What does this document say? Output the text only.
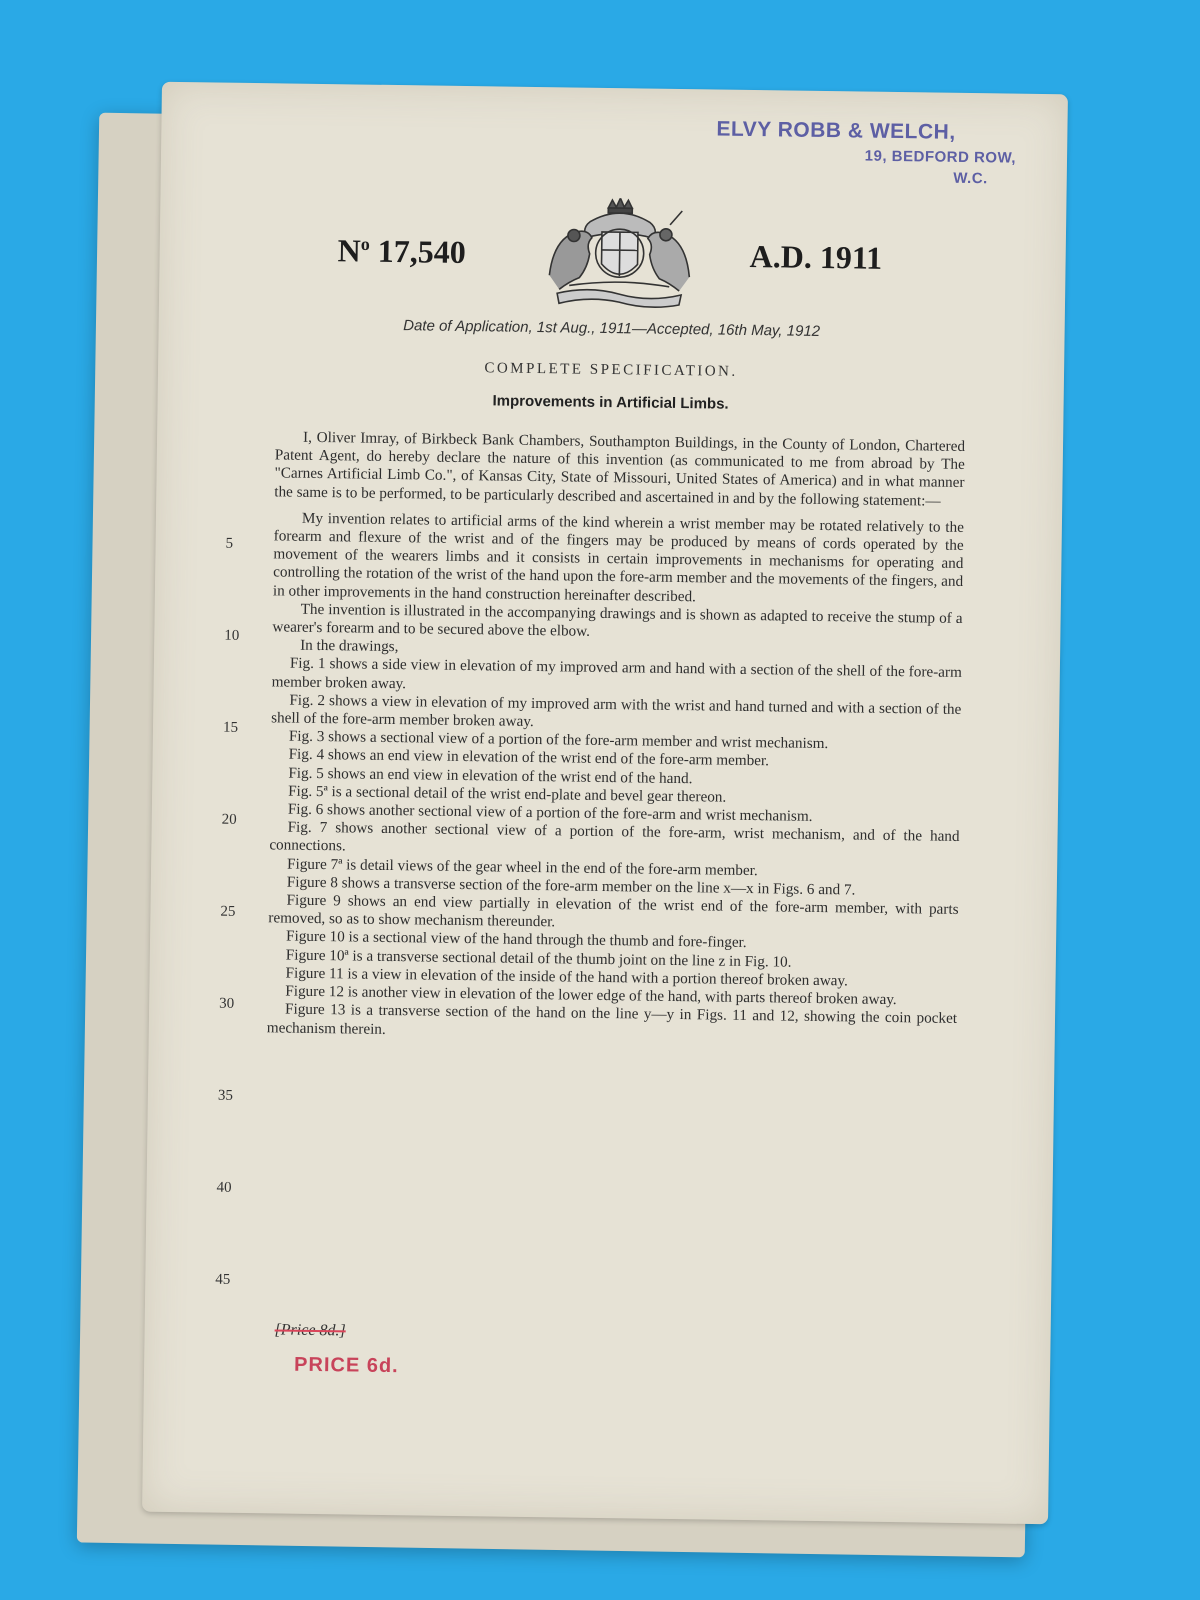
ELVY ROBB & WELCH,
19, BEDFORD ROW,
W.C.
$N^o$ 17,540	A.D. 1911
Date of Application, 1st Aug., 1911—Accepted, 16th May, 1912
COMPLETE SPECIFICATION.
Improvements in Artificial Limbs.
5
10
15
20
25
30
35
40
45

I, Oliver Imray, of Birkbeck Bank Chambers, Southampton Buildings, in the County of London, Chartered Patent Agent, do hereby declare the nature of this invention (as communicated to me from abroad by The "Carnes Artificial Limb Co.", of Kansas City, State of Missouri, United States of America) and in what manner the same is to be performed, to be particularly described and ascertained in and by the following statement:—

My invention relates to artificial arms of the kind wherein a wrist member may be rotated relatively to the forearm and flexure of the wrist and of the fingers may be produced by means of cords operated by the movement of the wearers limbs and it consists in certain improvements in mechanisms for operating and controlling the rotation of the wrist of the hand upon the fore-arm member and the movements of the fingers, and in other improvements in the hand construction hereinafter described.

The invention is illustrated in the accompanying drawings and is shown as adapted to receive the stump of a wearer's forearm and to be secured above the elbow.

In the drawings,

Fig. 1 shows a side view in elevation of my improved arm and hand with a section of the shell of the fore-arm member broken away.

Fig. 2 shows a view in elevation of my improved arm with the wrist and hand turned and with a section of the shell of the fore-arm member broken away.

Fig. 3 shows a sectional view of a portion of the fore-arm member and wrist mechanism.

Fig. 4 shows an end view in elevation of the wrist end of the fore-arm member.

Fig. 5 shows an end view in elevation of the wrist end of the hand.

Fig. 5ª is a sectional detail of the wrist end-plate and bevel gear thereon.

Fig. 6 shows another sectional view of a portion of the fore-arm and wrist mechanism.

Fig. 7 shows another sectional view of a portion of the fore-arm, wrist mechanism, and of the hand connections.

Figure 7ª is detail views of the gear wheel in the end of the fore-arm member.

Figure 8 shows a transverse section of the fore-arm member on the line x—x in Figs. 6 and 7.

Figure 9 shows an end view partially in elevation of the wrist end of the fore-arm member, with parts removed, so as to show mechanism thereunder.

Figure 10 is a sectional view of the hand through the thumb and fore-finger.

Figure 10ª is a transverse sectional detail of the thumb joint on the line z in Fig. 10.

Figure 11 is a view in elevation of the inside of the hand with a portion thereof broken away.

Figure 12 is another view in elevation of the lower edge of the hand, with parts thereof broken away.

Figure 13 is a transverse section of the hand on the line y—y in Figs. 11 and 12, showing the coin pocket mechanism therein.

[Price 8d.]
PRICE 6d.
